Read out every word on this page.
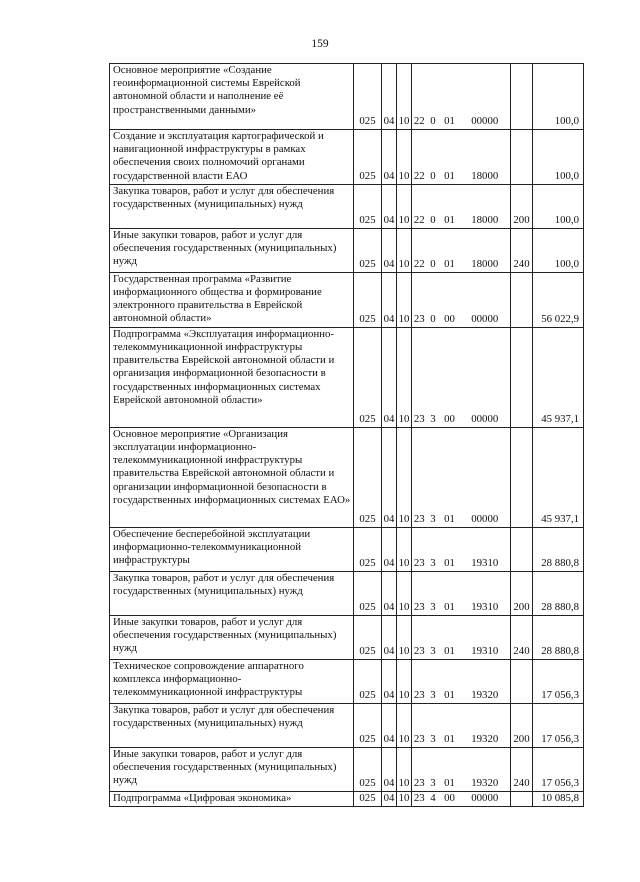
159
Основное мероприятие «Создание геоинформационной системы Еврейской автономной области и наполнение её пространственными данными»	025	04	10	22	0	01	00000		100,0
Создание и эксплуатация картографической и навигационной инфраструктуры в рамках обеспечения своих полномочий органами государственной власти ЕАО	025	04	10	22	0	01	18000		100,0
Закупка товаров, работ и услуг для обеспечения государственных (муниципальных) нужд	025	04	10	22	0	01	18000	200	100,0
Иные закупки товаров, работ и услуг для обеспечения государственных (муниципальных) нужд	025	04	10	22	0	01	18000	240	100,0
Государственная программа «Развитие информационного общества и формирование электронного правительства в Еврейской автономной области»	025	04	10	23	0	00	00000		56 022,9
Подпрограмма «Эксплуатация информационно-телекоммуникационной инфраструктуры правительства Еврейской автономной области и организация информационной безопасности в государственных информационных системах Еврейской автономной области»	025	04	10	23	3	00	00000		45 937,1
Основное мероприятие «Организация эксплуатации информационно-телекоммуникационной инфраструктуры правительства Еврейской автономной области и организации информационной безопасности в государственных информационных системах ЕАО»	025	04	10	23	3	01	00000		45 937,1
Обеспечение бесперебойной эксплуатации информационно-телекоммуникационной инфраструктуры	025	04	10	23	3	01	19310		28 880,8
Закупка товаров, работ и услуг для обеспечения государственных (муниципальных) нужд	025	04	10	23	3	01	19310	200	28 880,8
Иные закупки товаров, работ и услуг для обеспечения государственных (муниципальных) нужд	025	04	10	23	3	01	19310	240	28 880,8
Техническое сопровождение аппаратного комплекса информационно-телекоммуникационной инфраструктуры	025	04	10	23	3	01	19320		17 056,3
Закупка товаров, работ и услуг для обеспечения государственных (муниципальных) нужд	025	04	10	23	3	01	19320	200	17 056,3
Иные закупки товаров, работ и услуг для обеспечения государственных (муниципальных) нужд	025	04	10	23	3	01	19320	240	17 056,3
Подпрограмма «Цифровая экономика»	025	04	10	23	4	00	00000		10 085,8
